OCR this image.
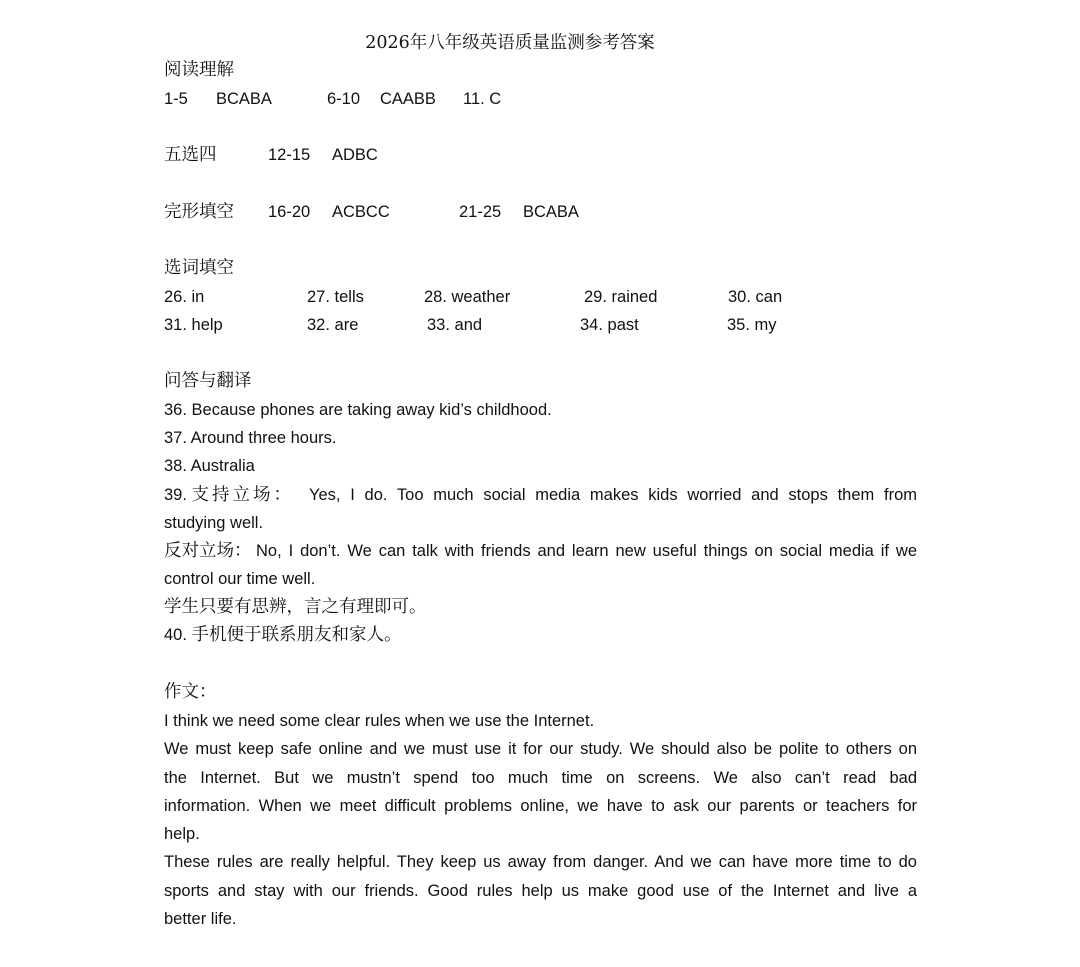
2026年八年级英语质量监测参考答案
阅读理解
1-5 BCABA	6-10 CAABB 11. C
五选四	12-15 ADBC
完形填空 16-20 ACBCC	21-25 BCABA
选词填空
26. in	27. tells	28. weather	29. rained	30. can
31. help	32. are	33. and	34. past	35. my
问答与翻译
36. Because phones are taking away kid’s childhood.
37. Around three hours.
38. Australia
39. 支持立场： Yes, I do. Too much social media makes kids worried and stops them from
studying well.
反对立场： No, I don’t. We can talk with friends and learn new useful things on social media if we
control our time well.
学生只要有思辨，言之有理即可。
40. 手机便于联系朋友和家人。
作文：
I think we need some clear rules when we use the Internet.
We must keep safe online and we must use it for our study. We should also be polite to others on
the Internet. But we mustn’t spend too much time on screens. We also can’t read bad
information. When we meet difficult problems online, we have to ask our parents or teachers for
help.
These rules are really helpful. They keep us away from danger. And we can have more time to do
sports and stay with our friends. Good rules help us make good use of the Internet and live a
better life.
